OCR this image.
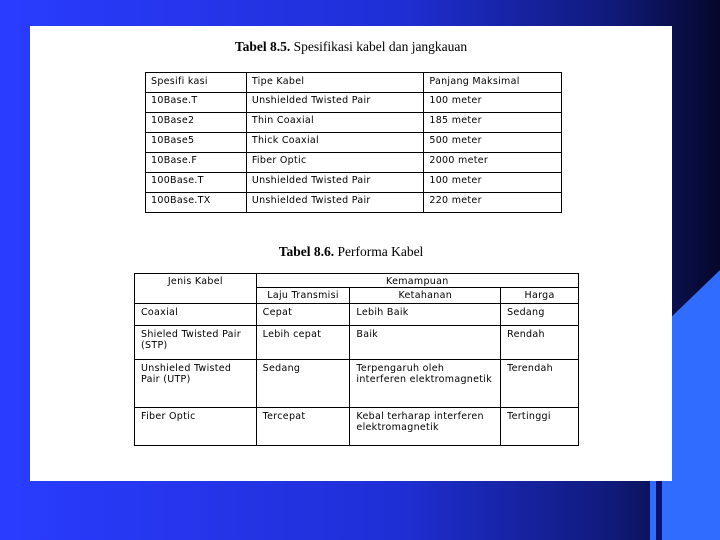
Tabel 8.5. Spesifikasi kabel dan jangkauan
Spesifi kasi	Tipe Kabel	Panjang Maksimal
10Base.T	Unshielded Twisted Pair	100 meter
10Base2	Thin Coaxial	185 meter
10Base5	Thick Coaxial	500 meter
10Base.F	Fiber Optic	2000 meter
100Base.T	Unshielded Twisted Pair	100 meter
100Base.TX	Unshielded Twisted Pair	220 meter
Tabel 8.6. Performa Kabel
Jenis Kabel	Kemampuan		
	Laju Transmisi	Ketahanan	Harga
Coaxial	Cepat	Lebih Baik	Sedang
Shieled Twisted Pair (STP)	Lebih cepat	Baik	Rendah
Unshieled Twisted Pair (UTP)	Sedang	Terpengaruh oleh interferen elektromagnetik	Terendah
Fiber Optic	Tercepat	Kebal terharap interferen elektromagnetik	Tertinggi
